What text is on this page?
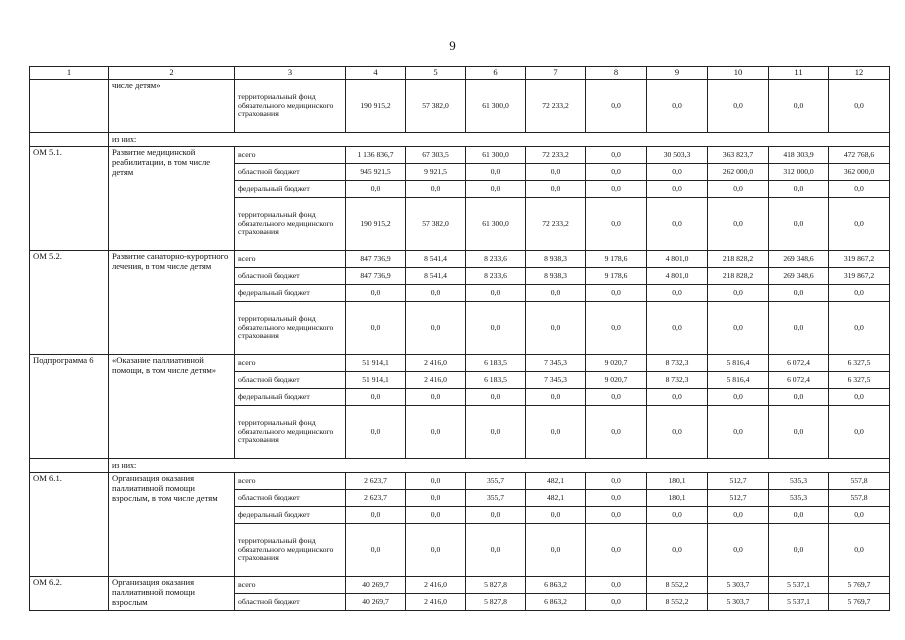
9
1	2	3	4	5	6	7	8	9	10	11	12
	числе детям»	территориальный фонд обязательного медицинского страхования	190 915,2	57 382,0	61 300,0	72 233,2	0,0	0,0	0,0	0,0	0,0
	из них:										
ОМ 5.1.	Развитие медицинской реабилитации, в том числе детям	всего	1 136 836,7	67 303,5	61 300,0	72 233,2	0,0	30 503,3	363 823,7	418 303,9	472 768,6
		областной бюджет	945 921,5	9 921,5	0,0	0,0	0,0	0,0	262 000,0	312 000,0	362 000,0
		федеральный бюджет	0,0	0,0	0,0	0,0	0,0	0,0	0,0	0,0	0,0
		территориальный фонд обязательного медицинского страхования	190 915,2	57 382,0	61 300,0	72 233,2	0,0	0,0	0,0	0,0	0,0
ОМ 5.2.	Развитие санаторно-курортного лечения, в том числе детям	всего	847 736,9	8 541,4	8 233,6	8 938,3	9 178,6	4 801,0	218 828,2	269 348,6	319 867,2
		областной бюджет	847 736,9	8 541,4	8 233,6	8 938,3	9 178,6	4 801,0	218 828,2	269 348,6	319 867,2
		федеральный бюджет	0,0	0,0	0,0	0,0	0,0	0,0	0,0	0,0	0,0
		территориальный фонд обязательного медицинского страхования	0,0	0,0	0,0	0,0	0,0	0,0	0,0	0,0	0,0
Подпрограмма 6	«Оказание паллиативной помощи, в том числе детям»	всего	51 914,1	2 416,0	6 183,5	7 345,3	9 020,7	8 732,3	5 816,4	6 072,4	6 327,5
		областной бюджет	51 914,1	2 416,0	6 183,5	7 345,3	9 020,7	8 732,3	5 816,4	6 072,4	6 327,5
		федеральный бюджет	0,0	0,0	0,0	0,0	0,0	0,0	0,0	0,0	0,0
		территориальный фонд обязательного медицинского страхования	0,0	0,0	0,0	0,0	0,0	0,0	0,0	0,0	0,0
	из них:										
ОМ 6.1.	Организация оказания паллиативной помощи взрослым, в том числе детям	всего	2 623,7	0,0	355,7	482,1	0,0	180,1	512,7	535,3	557,8
		областной бюджет	2 623,7	0,0	355,7	482,1	0,0	180,1	512,7	535,3	557,8
		федеральный бюджет	0,0	0,0	0,0	0,0	0,0	0,0	0,0	0,0	0,0
		территориальный фонд обязательного медицинского страхования	0,0	0,0	0,0	0,0	0,0	0,0	0,0	0,0	0,0
ОМ 6.2.	Организация оказания паллиативной помощи взрослым	всего	40 269,7	2 416,0	5 827,8	6 863,2	0,0	8 552,2	5 303,7	5 537,1	5 769,7
		областной бюджет	40 269,7	2 416,0	5 827,8	6 863,2	0,0	8 552,2	5 303,7	5 537,1	5 769,7
